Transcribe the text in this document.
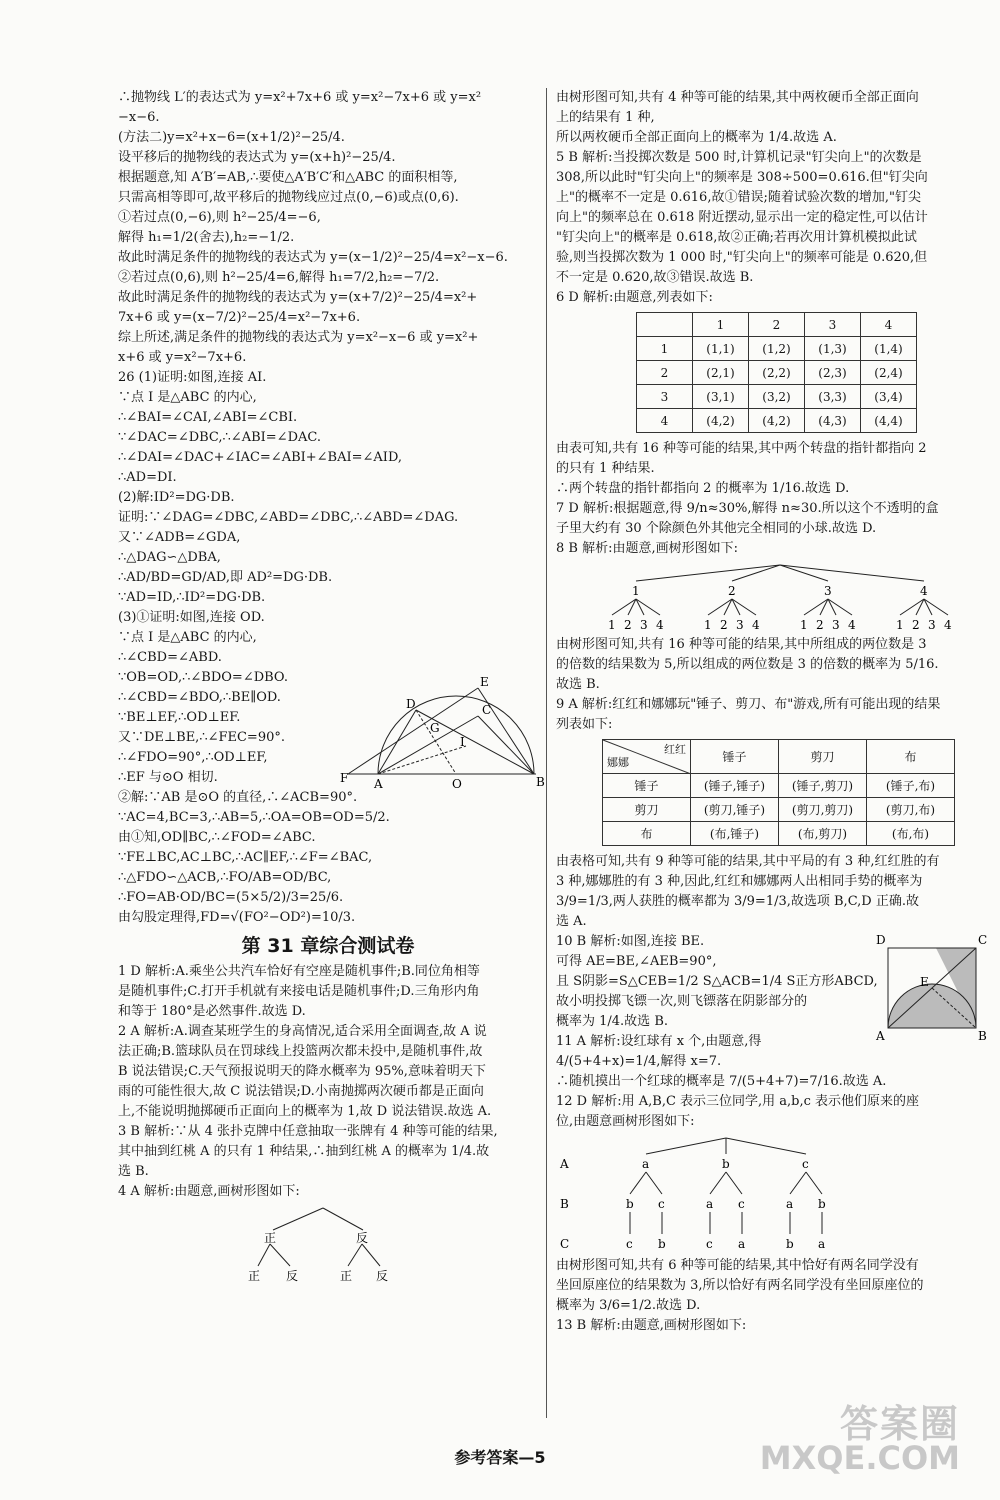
∴抛物线 L′的表达式为 y=x²+7x+6 或 y=x²−7x+6 或 y=x²
−x−6.
(方法二)y=x²+x−6=(x+1/2)²−25/4.
设平移后的抛物线的表达式为 y=(x+h)²−25/4.
根据题意,知 A′B′=AB,∴要使△A′B′C′和△ABC 的面积相等,
只需高相等即可,故平移后的抛物线应过点(0,−6)或点(0,6).
①若过点(0,−6),则 h²−25/4=−6,
解得 h₁=1/2(舍去),h₂=−1/2.
故此时满足条件的抛物线的表达式为 y=(x−1/2)²−25/4=x²−x−6.
②若过点(0,6),则 h²−25/4=6,解得 h₁=7/2,h₂=−7/2.
故此时满足条件的抛物线的表达式为 y=(x+7/2)²−25/4=x²+
7x+6 或 y=(x−7/2)²−25/4=x²−7x+6.
综上所述,满足条件的抛物线的表达式为 y=x²−x−6 或 y=x²+
x+6 或 y=x²−7x+6.
26 (1)证明:如图,连接 AI.
∵点 I 是△ABC 的内心,
∴∠BAI=∠CAI,∠ABI=∠CBI.
∵∠DAC=∠DBC,∴∠ABI=∠DAC.
∴∠DAI=∠DAC+∠IAC=∠ABI+∠BAI=∠AID,
∴AD=DI.
(2)解:ID²=DG·DB.
证明:∵∠DAG=∠DBC,∠ABD=∠DBC,∴∠ABD=∠DAG.
又∵∠ADB=∠GDA,
∴△DAG∽△DBA,
∴AD/BD=GD/AD,即 AD²=DG·DB.
∵AD=ID,∴ID²=DG·DB.
(3)①证明:如图,连接 OD.
∵点 I 是△ABC 的内心,
∴∠CBD=∠ABD.
∵OB=OD,∴∠BDO=∠DBO.
∴∠CBD=∠BDO,∴BE∥OD.
∵BE⊥EF,∴OD⊥EF.
又∵DE⊥BE,∴∠FEC=90°.
∴∠FDO=90°,∴OD⊥EF,
∴EF 与⊙O 相切.
②解:∵AB 是⊙O 的直径,∴∠ACB=90°.
∵AC=4,BC=3,∴AB=5,∴OA=OB=OD=5/2.
由①知,OD∥BC,∴∠FOD=∠ABC.
∵FE⊥BC,AC⊥BC,∴AC∥EF,∴∠F=∠BAC,
∴△FDO∽△ACB,∴FO/AB=OD/BC,
∴FO=AB·OD/BC=(5×5/2)/3=25/6.
由勾股定理得,FD=√(FO²−OD²)=10/3.
E
C
D
G
I
F A	O	B
第 31 章综合测试卷
1 D 解析:A.乘坐公共汽车恰好有空座是随机事件;B.同位角相等
是随机事件;C.打开手机就有来接电话是随机事件;D.三角形内角
和等于 180°是必然事件.故选 D.
2 A 解析:A.调查某班学生的身高情况,适合采用全面调查,故 A 说
法正确;B.篮球队员在罚球线上投篮两次都未投中,是随机事件,故
B 说法错误;C.天气预报说明天的降水概率为 95%,意味着明天下
雨的可能性很大,故 C 说法错误;D.小南抛掷两次硬币都是正面向
上,不能说明抛掷硬币正面向上的概率为 1,故 D 说法错误.故选 A.
3 B 解析:∵从 4 张扑克牌中任意抽取一张牌有 4 种等可能的结果,
其中抽到红桃 A 的只有 1 种结果,∴抽到红桃 A 的概率为 1/4.故
选 B.
4 A 解析:由题意,画树形图如下:
正	反
正 反	正 反
由树形图可知,共有 4 种等可能的结果,其中两枚硬币全部正面向
上的结果有 1 种,
所以两枚硬币全部正面向上的概率为 1/4.故选 A.
5 B 解析:当投掷次数是 500 时,计算机记录"钉尖向上"的次数是
308,所以此时"钉尖向上"的频率是 308÷500=0.616.但"钉尖向
上"的概率不一定是 0.616,故①错误;随着试验次数的增加,"钉尖
向上"的频率总在 0.618 附近摆动,显示出一定的稳定性,可以估计
"钉尖向上"的概率是 0.618,故②正确;若再次用计算机模拟此试
验,则当投掷次数为 1 000 时,"钉尖向上"的频率可能是 0.620,但
不一定是 0.620,故③错误.故选 B.
6 D 解析:由题意,列表如下:
	1	2	3	4
1	(1,1)	(1,2)	(1,3)	(1,4)
2	(2,1)	(2,2)	(2,3)	(2,4)
3	(3,1)	(3,2)	(3,3)	(3,4)
4	(4,2)	(4,2)	(4,3)	(4,4)
由表可知,共有 16 种等可能的结果,其中两个转盘的指针都指向 2
的只有 1 种结果.
∴两个转盘的指针都指向 2 的概率为 1/16.故选 D.
7 D 解析:根据题意,得 9/n≈30%,解得 n≈30.所以这个不透明的盒
子里大约有 30 个除颜色外其他完全相同的小球.故选 D.
8 B 解析:由题意,画树形图如下:
1
1 2 3 4
2
1 2 3 4
3
1 2 3 4
4
1 2 3 4
由树形图可知,共有 16 种等可能的结果,其中所组成的两位数是 3
的倍数的结果数为 5,所以组成的两位数是 3 的倍数的概率为 5/16.
故选 B.
9 A 解析:红红和娜娜玩"锤子、剪刀、布"游戏,所有可能出现的结果
列表如下:
红红
娜娜	锤子	剪刀	布
锤子	(锤子,锤子)	(锤子,剪刀)	(锤子,布)
剪刀	(剪刀,锤子)	(剪刀,剪刀)	(剪刀,布)
布	(布,锤子)	(布,剪刀)	(布,布)
由表格可知,共有 9 种等可能的结果,其中平局的有 3 种,红红胜的有
3 种,娜娜胜的有 3 种,因此,红红和娜娜两人出相同手势的概率为
3/9=1/3,两人获胜的概率都为 3/9=1/3,故选项 B,C,D 正确.故
选 A.
10 B 解析:如图,连接 BE.
可得 AE=BE,∠AEB=90°,
且 S阴影=S△CEB=1/2 S△ACB=1/4 S正方形ABCD,
故小明投掷飞镖一次,则飞镖落在阴影部分的
概率为 1/4.故选 B.
11 A 解析:设红球有 x 个,由题意,得
4/(5+4+x)=1/4,解得 x=7.
∴随机摸出一个红球的概率是 7/(5+4+7)=7/16.故选 A.
12 D 解析:用 A,B,C 表示三位同学,用 a,b,c 表示他们原来的座
位,由题意画树形图如下:
D	C
E
A	B
A
B
C
a
b
c
c
b
b
a
c
c
a
c
a
b
b
a
由树形图可知,共有 6 种等可能的结果,其中恰好有两名同学没有
坐回原座位的结果数为 3,所以恰好有两名同学没有坐回原座位的
概率为 3/6=1/2.故选 D.
13 B 解析:由题意,画树形图如下:
参考答案—5
答案圈
MXQE.COM
